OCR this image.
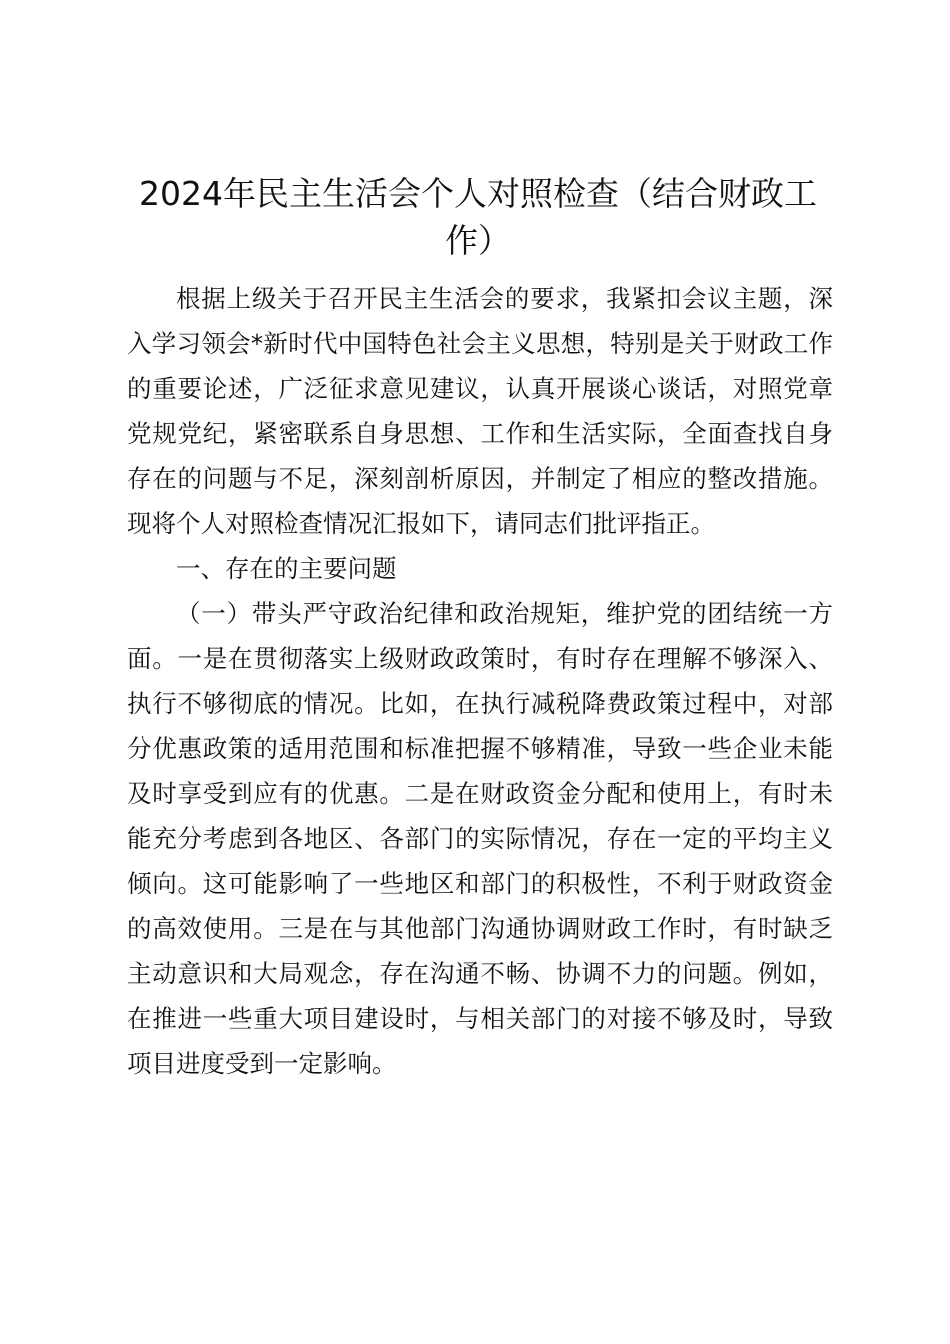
2024年民主生活会个人对照检查（结合财政工作）

根据上级关于召开民主生活会的要求，我紧扣会议主题，深入学习领会*新时代中国特色社会主义思想，特别是关于财政工作的重要论述，广泛征求意见建议，认真开展谈心谈话，对照党章党规党纪，紧密联系自身思想、工作和生活实际，全面查找自身存在的问题与不足，深刻剖析原因，并制定了相应的整改措施。现将个人对照检查情况汇报如下，请同志们批评指正。

一、存在的主要问题

（一）带头严守政治纪律和政治规矩，维护党的团结统一方面。一是在贯彻落实上级财政政策时，有时存在理解不够深入、执行不够彻底的情况。比如，在执行减税降费政策过程中，对部分优惠政策的适用范围和标准把握不够精准，导致一些企业未能及时享受到应有的优惠。二是在财政资金分配和使用上，有时未能充分考虑到各地区、各部门的实际情况，存在一定的平均主义倾向。这可能影响了一些地区和部门的积极性，不利于财政资金的高效使用。三是在与其他部门沟通协调财政工作时，有时缺乏主动意识和大局观念，存在沟通不畅、协调不力的问题。例如，在推进一些重大项目建设时，与相关部门的对接不够及时，导致项目进度受到一定影响。
